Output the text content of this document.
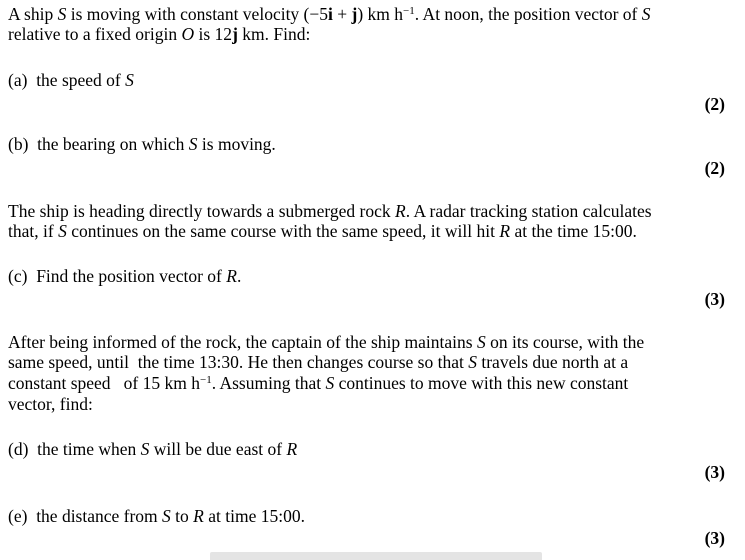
A ship S is moving with constant velocity (−5i + j) km $h^{-1}$. At noon, the position vector of S
relative to a fixed origin O is 12j km. Find:
(a)  the speed of S
(2)
(b)  the bearing on which S is moving.
(2)
The ship is heading directly towards a submerged rock R. A radar tracking station calculates
that, if S continues on the same course with the same speed, it will hit R at the time 15:00.
(c)  Find the position vector of R.
(3)
After being informed of the rock, the captain of the ship maintains S on its course, with the
same speed, until  the time 13:30. He then changes course so that S travels due north at a
constant speed   of 15 km $h^{-1}$. Assuming that S continues to move with this new constant
vector, find:
(d)  the time when S will be due east of R
(3)
(e)  the distance from S to R at time 15:00.
(3)
